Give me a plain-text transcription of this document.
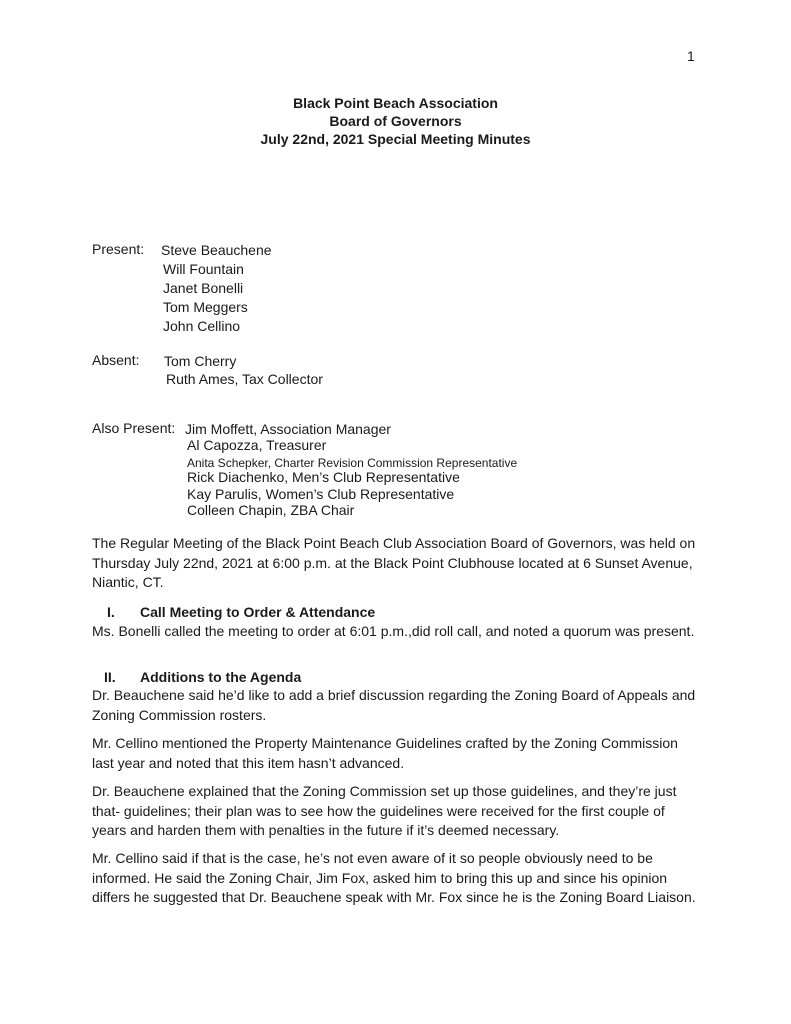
1
Black Point Beach Association
Board of Governors
July 22nd, 2021 Special Meeting Minutes
Present: Steve Beauchene
Will Fountain
Janet Bonelli
Tom Meggers
John Cellino
Absent: Tom Cherry
Ruth Ames, Tax Collector
Also Present: Jim Moffett, Association Manager
Al Capozza, Treasurer
Anita Schepker, Charter Revision Commission Representative
Rick Diachenko, Men’s Club Representative
Kay Parulis, Women’s Club Representative
Colleen Chapin, ZBA Chair
The Regular Meeting of the Black Point Beach Club Association Board of Governors, was held on Thursday July 22nd, 2021 at 6:00 p.m. at the Black Point Clubhouse located at 6 Sunset Avenue, Niantic, CT.
I. Call Meeting to Order & Attendance
Ms. Bonelli called the meeting to order at 6:01 p.m.,did roll call, and noted a quorum was present.
II. Additions to the Agenda
Dr. Beauchene said he’d like to add a brief discussion regarding the Zoning Board of Appeals and Zoning Commission rosters.
Mr. Cellino mentioned the Property Maintenance Guidelines crafted by the Zoning Commission last year and noted that this item hasn’t advanced.
Dr. Beauchene explained that the Zoning Commission set up those guidelines, and they’re just that- guidelines; their plan was to see how the guidelines were received for the first couple of years and harden them with penalties in the future if it’s deemed necessary.
Mr. Cellino said if that is the case, he’s not even aware of it so people obviously need to be informed. He said the Zoning Chair, Jim Fox, asked him to bring this up and since his opinion differs he suggested that Dr. Beauchene speak with Mr. Fox since he is the Zoning Board Liaison.
